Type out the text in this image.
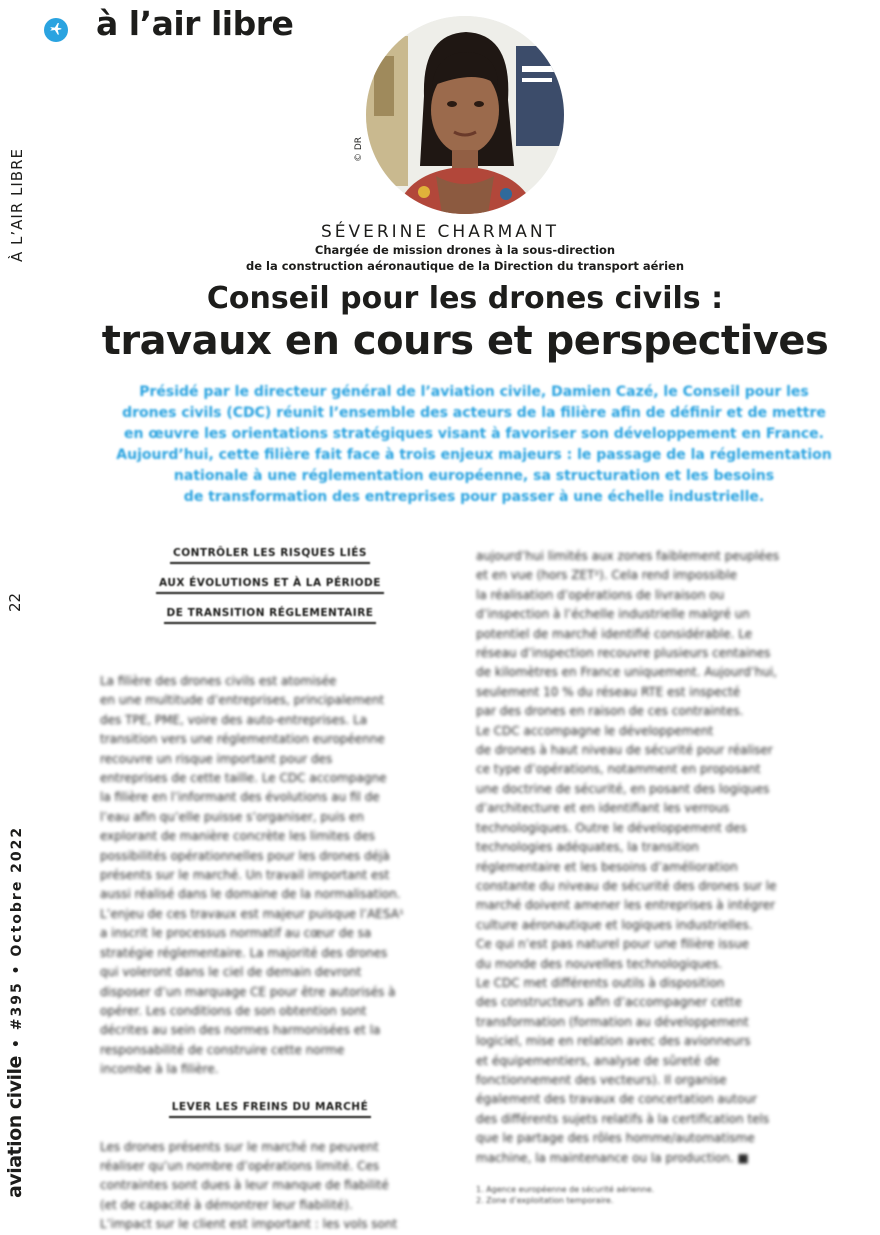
à l’air libre
À L’AIR LIBRE
22
aviation civile
• #395 • Octobre 2022
© DR
SÉVERINE CHARMANT
Chargée de mission drones à la sous-direction
de la construction aéronautique de la Direction du transport aérien
Conseil pour les drones civils :
travaux en cours et perspectives
Présidé par le directeur général de l’aviation civile, Damien Cazé, le Conseil pour les
drones civils (CDC) réunit l’ensemble des acteurs de la filière afin de définir et de mettre
en œuvre les orientations stratégiques visant à favoriser son développement en France.
Aujourd’hui, cette filière fait face à trois enjeux majeurs : le passage de la réglementation
nationale à une réglementation européenne, sa structuration et les besoins
de transformation des entreprises pour passer à une échelle industrielle.
CONTRÔLER LES RISQUES LIÉS
AUX ÉVOLUTIONS ET À LA PÉRIODE
DE TRANSITION RÉGLEMENTAIRE
La filière des drones civils est atomisée
en une multitude d’entreprises, principalement
des TPE, PME, voire des auto-entreprises. La
transition vers une réglementation européenne
recouvre un risque important pour des
entreprises de cette taille. Le CDC accompagne
la filière en l’informant des évolutions au fil de
l’eau afin qu’elle puisse s’organiser, puis en
explorant de manière concrète les limites des
possibilités opérationnelles pour les drones déjà
présents sur le marché. Un travail important est
aussi réalisé dans le domaine de la normalisation.
L’enjeu de ces travaux est majeur puisque l’AESA¹
a inscrit le processus normatif au cœur de sa
stratégie réglementaire. La majorité des drones
qui voleront dans le ciel de demain devront
disposer d’un marquage CE pour être autorisés à
opérer. Les conditions de son obtention sont
décrites au sein des normes harmonisées et la
responsabilité de construire cette norme
incombe à la filière.
LEVER LES FREINS DU MARCHÉ
Les drones présents sur le marché ne peuvent
réaliser qu’un nombre d’opérations limité. Ces
contraintes sont dues à leur manque de fiabilité
(et de capacité à démontrer leur fiabilité).
L’impact sur le client est important : les vols sont
aujourd’hui limités aux zones faiblement peuplées
et en vue (hors ZET²). Cela rend impossible
la réalisation d’opérations de livraison ou
d’inspection à l’échelle industrielle malgré un
potentiel de marché identifié considérable. Le
réseau d’inspection recouvre plusieurs centaines
de kilomètres en France uniquement. Aujourd’hui,
seulement 10 % du réseau RTE est inspecté
par des drones en raison de ces contraintes.
Le CDC accompagne le développement
de drones à haut niveau de sécurité pour réaliser
ce type d’opérations, notamment en proposant
une doctrine de sécurité, en posant des logiques
d’architecture et en identifiant les verrous
technologiques. Outre le développement des
technologies adéquates, la transition
réglementaire et les besoins d’amélioration
constante du niveau de sécurité des drones sur le
marché doivent amener les entreprises à intégrer
culture aéronautique et logiques industrielles.
Ce qui n’est pas naturel pour une filière issue
du monde des nouvelles technologiques.
Le CDC met différents outils à disposition
des constructeurs afin d’accompagner cette
transformation (formation au développement
logiciel, mise en relation avec des avionneurs
et équipementiers, analyse de sûreté de
fonctionnement des vecteurs). Il organise
également des travaux de concertation autour
des différents sujets relatifs à la certification tels
que le partage des rôles homme/automatisme
machine, la maintenance ou la production. ■
1. Agence européenne de sécurité aérienne.
2. Zone d’exploitation temporaire.
